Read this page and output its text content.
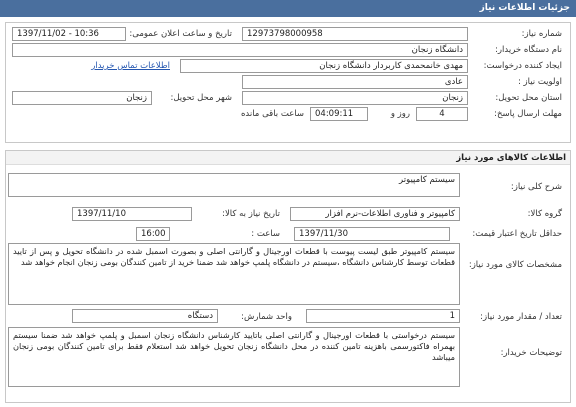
جزئیات اطلاعات نیاز
شماره نیاز:
12973798000958
تاریخ و ساعت اعلان عمومی:
1397/11/02 - 10:36
نام دستگاه خریدار:
دانشگاه زنجان
ایجاد کننده درخواست:
مهدی خانمحمدی کاربردار دانشگاه زنجان
اطلاعات تماس خریدار
اولویت نیاز :
عادی
استان محل تحویل:
زنجان
شهر محل تحویل:
زنجان
مهلت ارسال پاسخ:
4
روز و
04:09:11
ساعت باقی مانده
اطلاعات کالاهای مورد نیاز
شرح کلی نیاز:
سیستم کامپیوتر
گروه کالا:
کامپیوتر و فناوری اطلاعات-نرم افزار
تاریخ نیاز به کالا:
1397/11/10
حداقل تاریخ اعتبار قیمت:
1397/11/30
ساعت :
16:00
مشخصات کالای مورد نیاز:
سیستم کامپیوتر طبق لیست پیوست با قطعات اورجینال و گارانتی اصلی و بصورت اسمبل شده در دانشگاه تحویل و پس از تایید قطعات توسط کارشناس دانشگاه ،سیستم در دانشگاه پلمپ خواهد شد ضمنا خرید از تامین کنندگان بومی زنجان انجام خواهد شد
تعداد / مقدار مورد نیاز:
1
واحد شمارش:
دستگاه
توضیحات خریدار:
سیستم درخواستی با قطعات اورجینال و گارانتی اصلی باتایید کارشناس دانشگاه زنجان اسمبل و پلمپ خواهد شد ضمنا سیستم بهمراه فاکتورسمی باهزینه تامین کننده در محل دانشگاه زنجان تحویل خواهد شد استعلام فقط برای تامین کنندگان بومی زنجان میباشد
